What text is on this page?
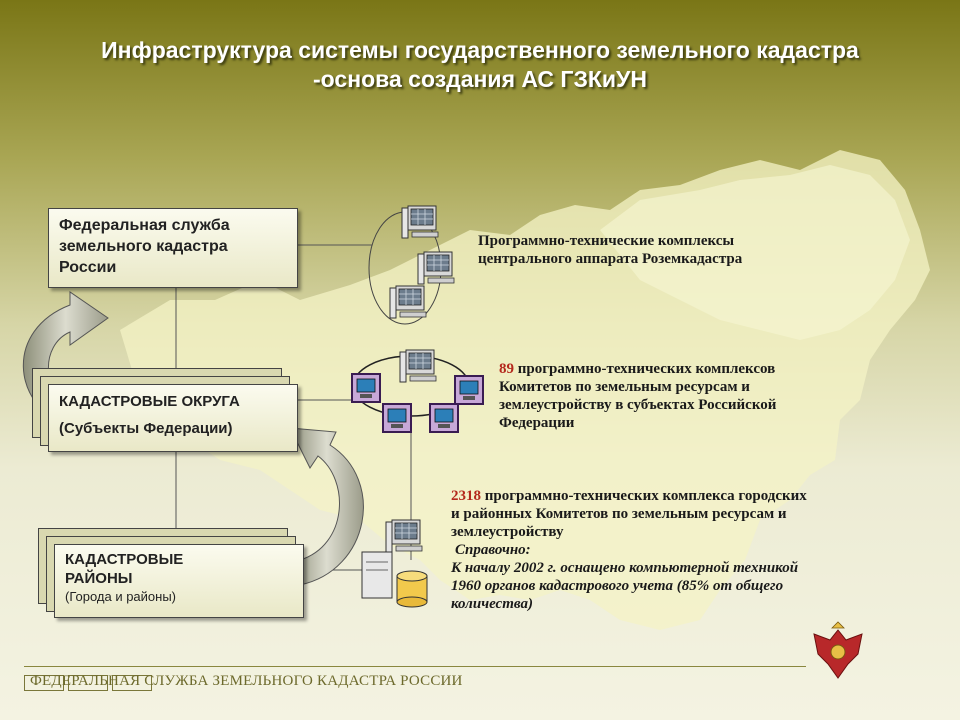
Инфраструктура системы государственного земельного кадастра
-основа создания АС ГЗКиУН
Федеральная служба
земельного кадастра
России
КАДАСТРОВЫЕ ОКРУГА
(Субъекты Федерации)
КАДАСТРОВЫЕ
РАЙОНЫ
(Города и районы)
Программно-технические комплексы
центрального аппарата Роземкадастра
89 программно-технических комплексов
Комитетов по земельным ресурсам и
землеустройству в субъектах Российской
Федерации
2318 программно-технических комплекса городских
и районных Комитетов по земельным ресурсам и
землеустройству
Справочно:
К началу 2002 г. оснащено компьютерной техникой
1960 органов кадастрового учета (85% от общего
количества)
ФЕДЕРАЛЬНАЯ СЛУЖБА ЗЕМЕЛЬНОГО КАДАСТРА РОССИИ
